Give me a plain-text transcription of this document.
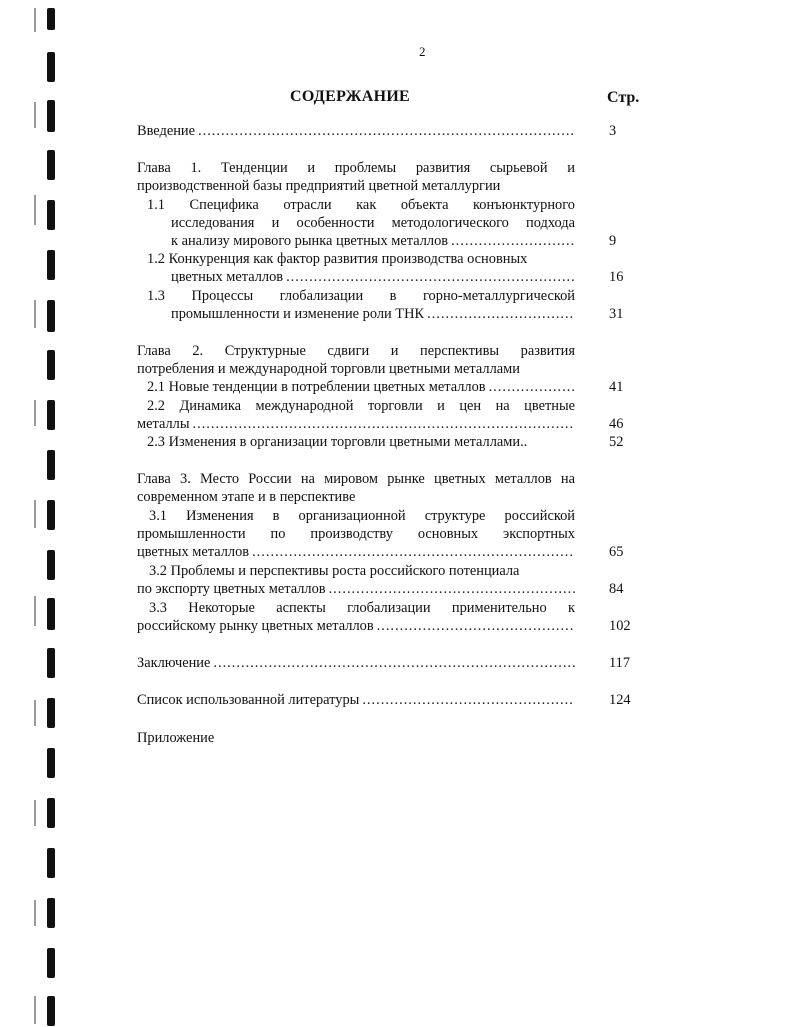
2
СОДЕРЖАНИЕ	Стр.
Введение .....	3
Глава 1. Тенденции и проблемы развития сырьевой и
производственной базы предприятий цветной металлургии
1.1 Специфика отрасли как объекта конъюнктурного
исследования и особенности методологического подхода
к анализу мирового рынка цветных металлов .....	9
1.2 Конкуренция как фактор развития производства основных
цветных металлов .....	16
1.3 Процессы глобализации в горно-металлургической
промышленности и изменение роли ТНК .....	31
Глава 2. Структурные сдвиги и перспективы развития
потребления и международной торговли цветными металлами
2.1 Новые тенденции в потреблении цветных металлов .....	41
2.2 Динамика международной торговли и цен на цветные
металлы .....	46
2.3 Изменения в организации торговли цветными металлами..	52
Глава 3. Место России на мировом рынке цветных металлов на
современном этапе и в перспективе
3.1 Изменения в организационной структуре российской
промышленности по производству основных экспортных
цветных металлов .....	65
3.2 Проблемы и перспективы роста российского потенциала
по экспорту цветных металлов .....	84
3.3 Некоторые аспекты глобализации применительно к
российскому рынку цветных металлов .....	102
Заключение .....	117
Список использованной литературы .....	124
Приложение
